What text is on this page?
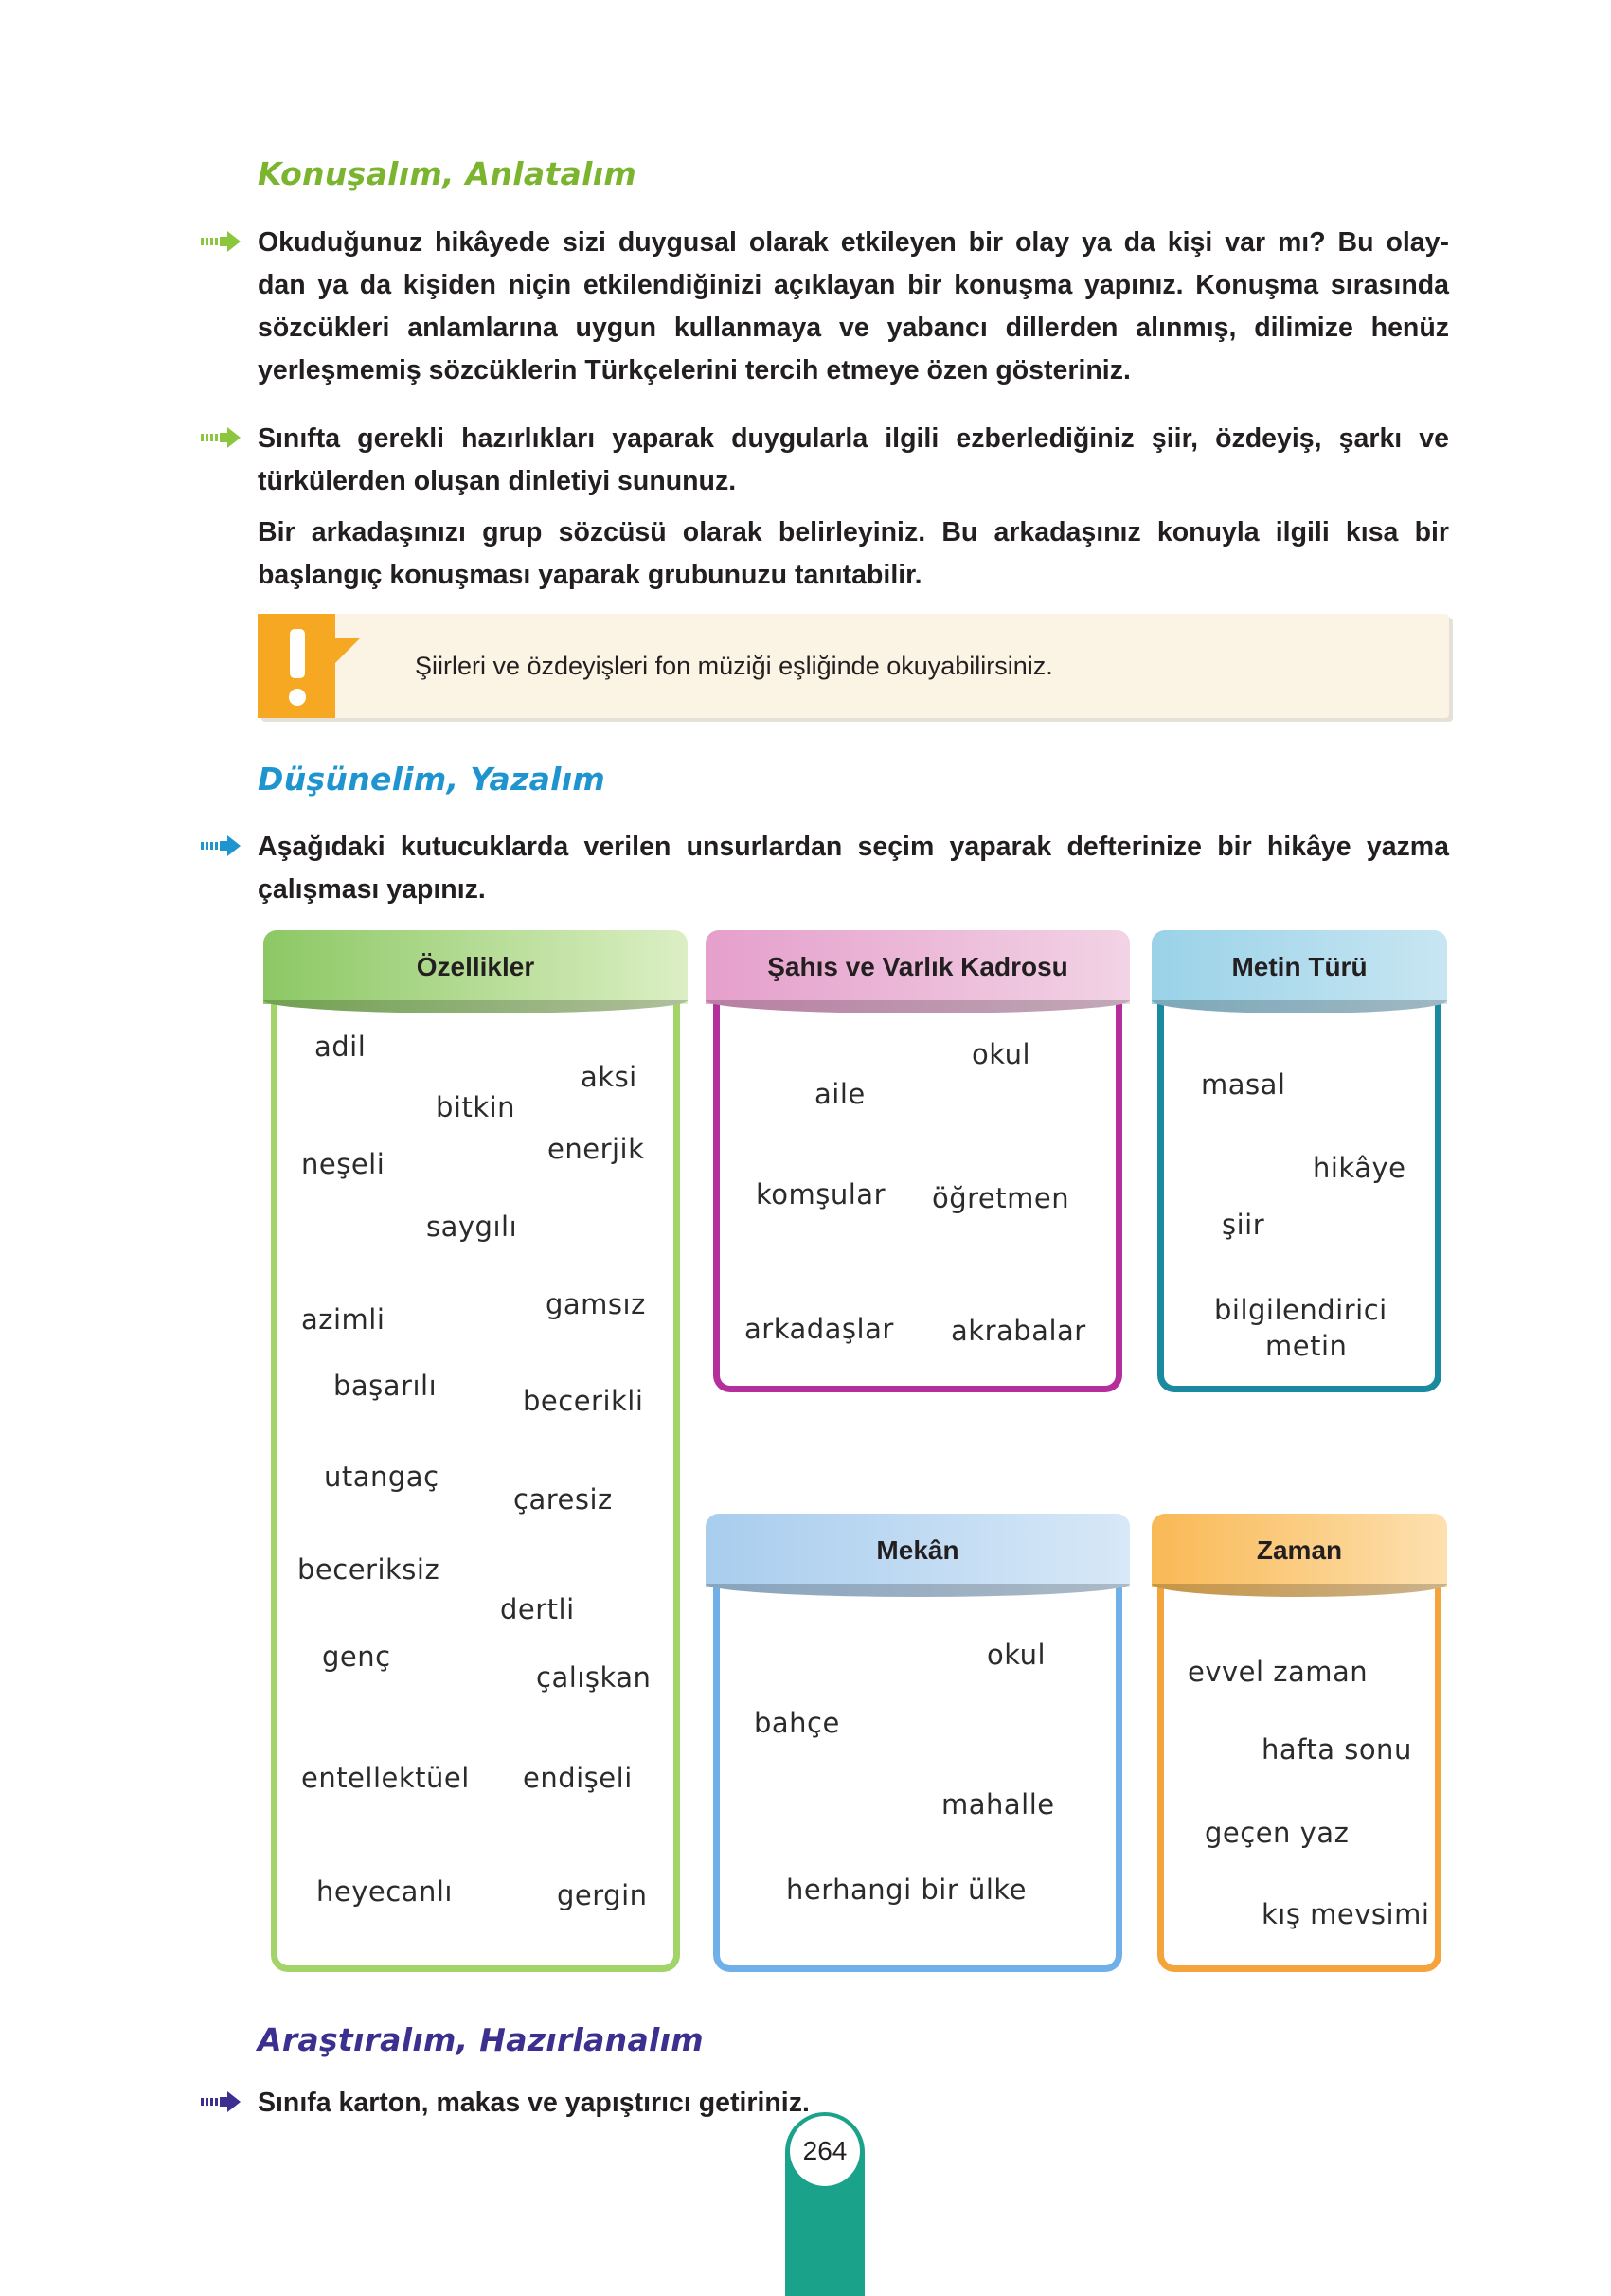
Konuşalım, Anlatalım
Okuduğunuz hikâyede sizi duygusal olarak etkileyen bir olay ya da kişi var mı? Bu olay-
dan ya da kişiden niçin etkilendiğinizi açıklayan bir konuşma yapınız. Konuşma sırasında
sözcükleri anlamlarına uygun kullanmaya ve yabancı dillerden alınmış, dilimize henüz
yerleşmemiş sözcüklerin Türkçelerini tercih etmeye özen gösteriniz.
Sınıfta gerekli hazırlıkları yaparak duygularla ilgili ezberlediğiniz şiir, özdeyiş, şarkı ve
türkülerden oluşan dinletiyi sununuz.
Bir arkadaşınızı grup sözcüsü olarak belirleyiniz. Bu arkadaşınız konuyla ilgili kısa bir
başlangıç konuşması yaparak grubunuzu tanıtabilir.
Şiirleri ve özdeyişleri fon müziği eşliğinde okuyabilirsiniz.
Düşünelim, Yazalım
Aşağıdaki kutucuklarda verilen unsurlardan seçim yaparak defterinize bir hikâye yazma
çalışması yapınız.
Özellikler
adil
aksi
bitkin
neşeli	enerjik
saygılı
gamsız
azimli
başarılı	becerikli
utangaç
çaresiz
beceriksiz
dertli
genç
çalışkan
entellektüel endişeli
heyecanlı	gergin
Şahıs ve Varlık Kadrosu
okul
aile
komşular öğretmen
arkadaşlar akrabalar
Metin Türü
masal
hikâye
şiir
bilgilendirici
metin
Mekân
okul
bahçe
mahalle
herhangi bir ülke
Zaman
evvel zaman
hafta sonu
geçen yaz
kış mevsimi
Araştıralım, Hazırlanalım
Sınıfa karton, makas ve yapıştırıcı getiriniz.
264
